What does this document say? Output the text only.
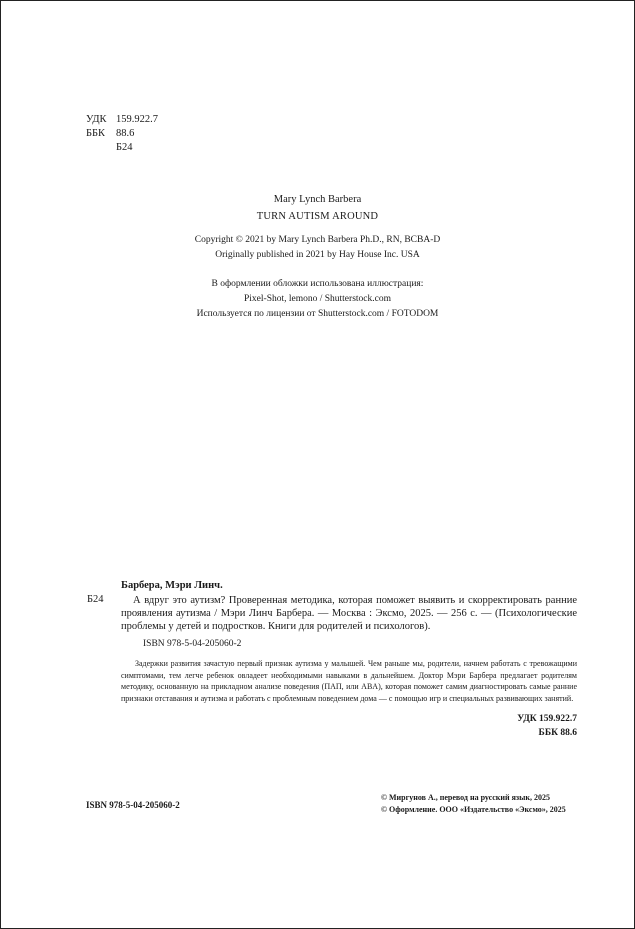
УДК 159.922.7
ББК	88.6
Б24
Mary Lynch Barbera
TURN AUTISM AROUND
Copyright © 2021 by Mary Lynch Barbera Ph.D., RN, BCBA-D
Originally published in 2021 by Hay House Inc. USA
В оформлении обложки использована иллюстрация:
Pixel-Shot, lemono / Shutterstock.com
Используется по лицензии от Shutterstock.com / FOTODOM
Барбера, Мэри Линч.
Б24	А вдруг это аутизм? Проверенная методика, которая поможет выявить и скорректировать ранние проявления аутизма / Мэри Линч Барбера. — Москва : Эксмо, 2025. — 256 с. — (Психологические проблемы у детей и подростков. Книги для родителей и психологов).
ISBN 978-5-04-205060-2
Задержки развития зачастую первый признак аутизма у малышей. Чем раньше мы, родители, начнем работать с тревожащими симптомами, тем легче ребенок овладеет необходимыми навыками в дальнейшем. Доктор Мэри Барбера предлагает родителям методику, основанную на прикладном анализе поведения (ПАП, или ABA), которая поможет самим диагностировать самые ранние признаки отставания и аутизма и работать с проблемным поведением дома — с помощью игр и специальных развивающих занятий.
УДК 159.922.7
ББК 88.6
ISBN 978-5-04-205060-2
© Миргунов А., перевод на русский язык, 2025
© Оформление. ООО «Издательство «Эксмо», 2025
